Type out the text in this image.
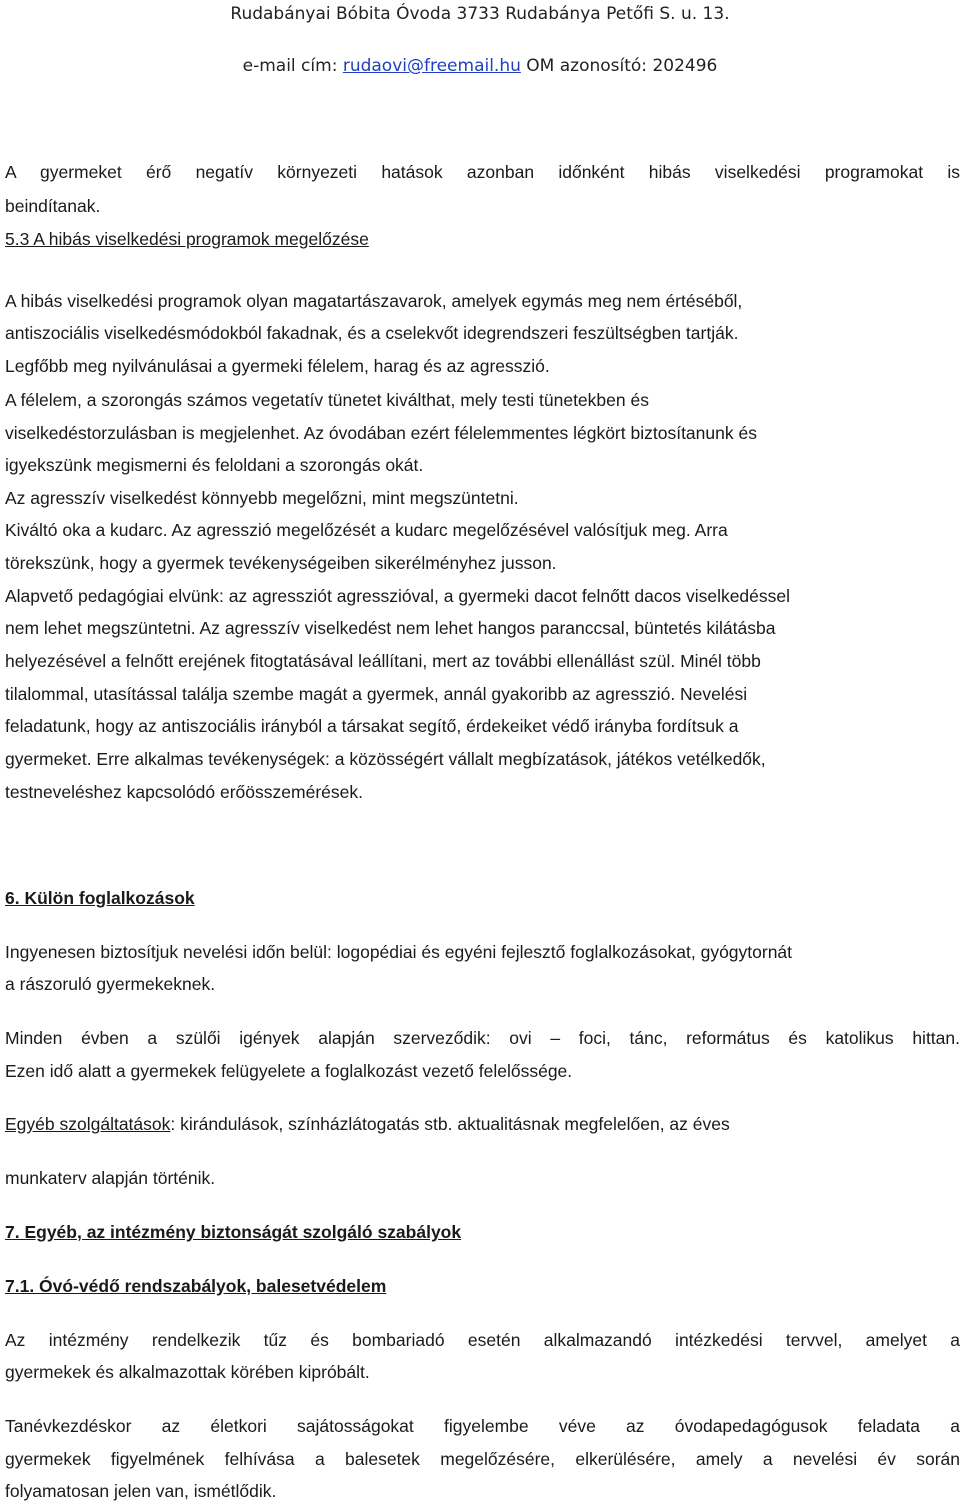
Rudabányai Bóbita Óvoda 3733 Rudabánya Petőfi S. u. 13.
e-mail cím: rudaovi@freemail.hu OM azonosító: 202496
A gyermeket érő negatív környezeti hatások azonban időnként hibás viselkedési programokat is
beindítanak.
5.3 A hibás viselkedési programok megelőzése
A hibás viselkedési programok olyan magatartászavarok, amelyek egymás meg nem értéséből,
antiszociális viselkedésmódokból fakadnak, és a cselekvőt idegrendszeri feszültségben tartják.
Legfőbb meg nyilvánulásai a gyermeki félelem, harag és az agresszió.
A félelem, a szorongás számos vegetatív tünetet kiválthat, mely testi tünetekben és
viselkedéstorzulásban is megjelenhet. Az óvodában ezért félelemmentes légkört biztosítanunk és
igyekszünk megismerni és feloldani a szorongás okát.
Az agresszív viselkedést könnyebb megelőzni, mint megszüntetni.
Kiváltó oka a kudarc. Az agresszió megelőzését a kudarc megelőzésével valósítjuk meg. Arra
törekszünk, hogy a gyermek tevékenységeiben sikerélményhez jusson.
Alapvető pedagógiai elvünk: az agressziót agresszióval, a gyermeki dacot felnőtt dacos viselkedéssel
nem lehet megszüntetni. Az agresszív viselkedést nem lehet hangos paranccsal, büntetés kilátásba
helyezésével a felnőtt erejének fitogtatásával leállítani, mert az további ellenállást szül. Minél több
tilalommal, utasítással találja szembe magát a gyermek, annál gyakoribb az agresszió. Nevelési
feladatunk, hogy az antiszociális irányból a társakat segítő, érdekeiket védő irányba fordítsuk a
gyermeket. Erre alkalmas tevékenységek: a közösségért vállalt megbízatások, játékos vetélkedők,
testneveléshez kapcsolódó erőösszemérések.
6. Külön foglalkozások
Ingyenesen biztosítjuk nevelési időn belül: logopédiai és egyéni fejlesztő foglalkozásokat, gyógytornát
a rászoruló gyermekeknek.
Minden évben a szülői igények alapján szerveződik: ovi – foci, tánc, református és katolikus hittan.
Ezen idő alatt a gyermekek felügyelete a foglalkozást vezető felelőssége.
Egyéb szolgáltatások: kirándulások, színházlátogatás stb. aktualitásnak megfelelően, az éves
munkaterv alapján történik.
7. Egyéb, az intézmény biztonságát szolgáló szabályok
7.1. Óvó-védő rendszabályok, balesetvédelem
Az intézmény rendelkezik tűz és bombariadó esetén alkalmazandó intézkedési tervvel, amelyet a
gyermekek és alkalmazottak körében kipróbált.
Tanévkezdéskor az életkori sajátosságokat figyelembe véve az óvodapedagógusok feladata a
gyermekek figyelmének felhívása a balesetek megelőzésére, elkerülésére, amely a nevelési év során
folyamatosan jelen van, ismétlődik.
